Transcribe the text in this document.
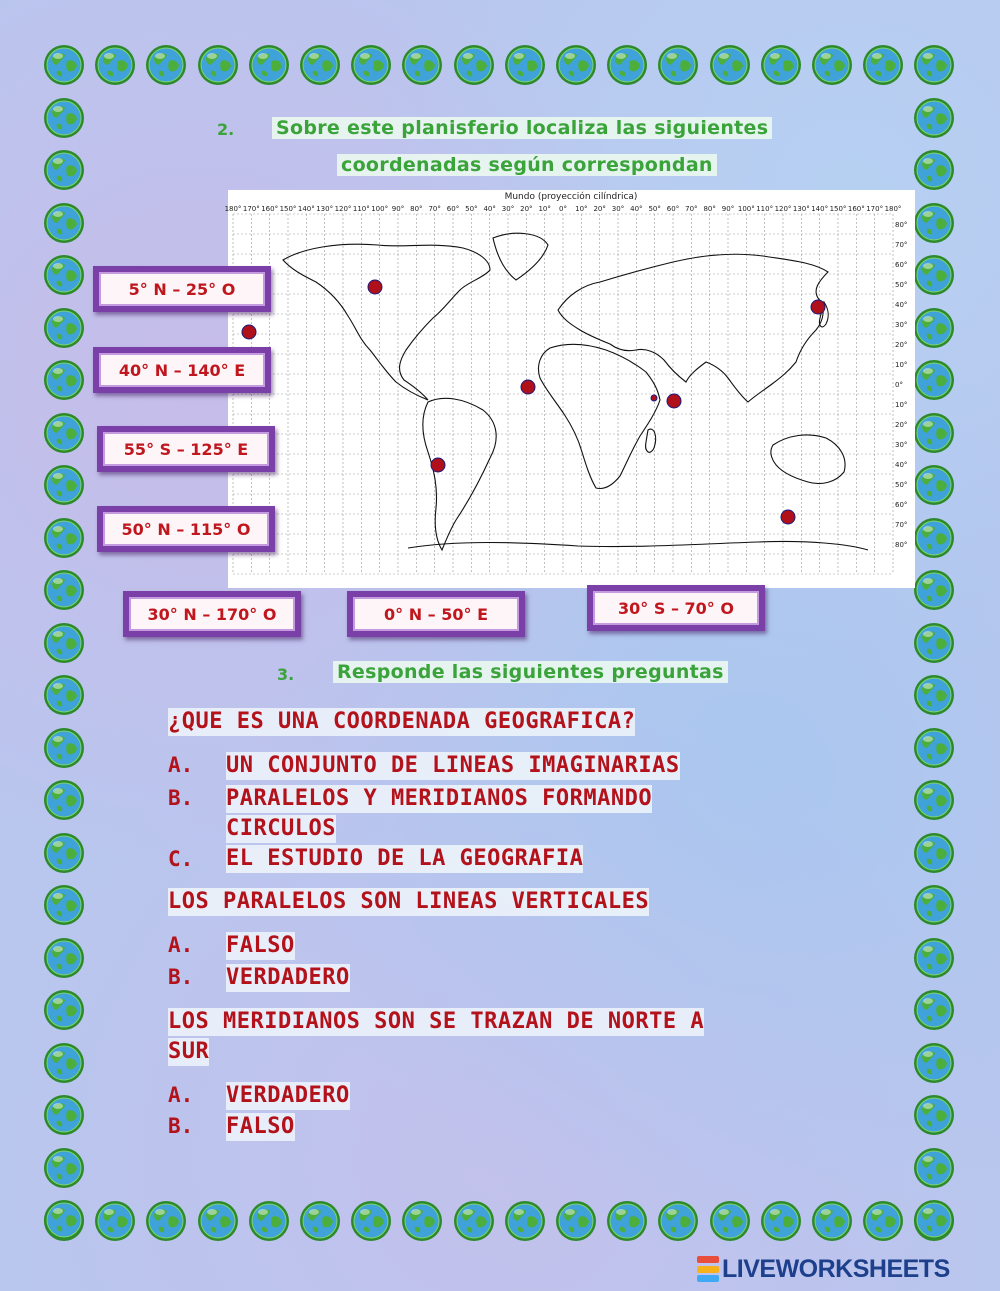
2. Sobre este planisferio localiza las siguientes
coordenadas según correspondan
Mundo (proyección cilíndrica)
180° 170° 160° 150° 140° 130° 120° 110° 100° 90° 80° 70° 60° 50° 40° 30° 20° 10° 0° 10° 20° 30° 40° 50° 60° 70° 80° 90° 100° 110° 120° 130° 140° 150° 160° 170° 180°
80°
70°
60°
50°
40°
30°
20°
10°
0°
10°
20°
30°
40°
50°
60°
70°
80°
5° N – 25° O
40° N – 140° E
55° S – 125° E
50° N – 115° O
30° N – 170° O	0° N – 50° E	30° S – 70° O
3. Responde las siguientes preguntas
¿QUE ES UNA COORDENADA GEOGRAFICA?
A. UN CONJUNTO DE LINEAS IMAGINARIAS
B. PARALELOS Y MERIDIANOS FORMANDO
CIRCULOS
C. EL ESTUDIO DE LA GEOGRAFIA
LOS PARALELOS SON LINEAS VERTICALES
A. FALSO
B. VERDADERO
LOS MERIDIANOS SON SE TRAZAN DE NORTE A
SUR
A. VERDADERO
B. FALSO
LIVEWORKSHEETS
